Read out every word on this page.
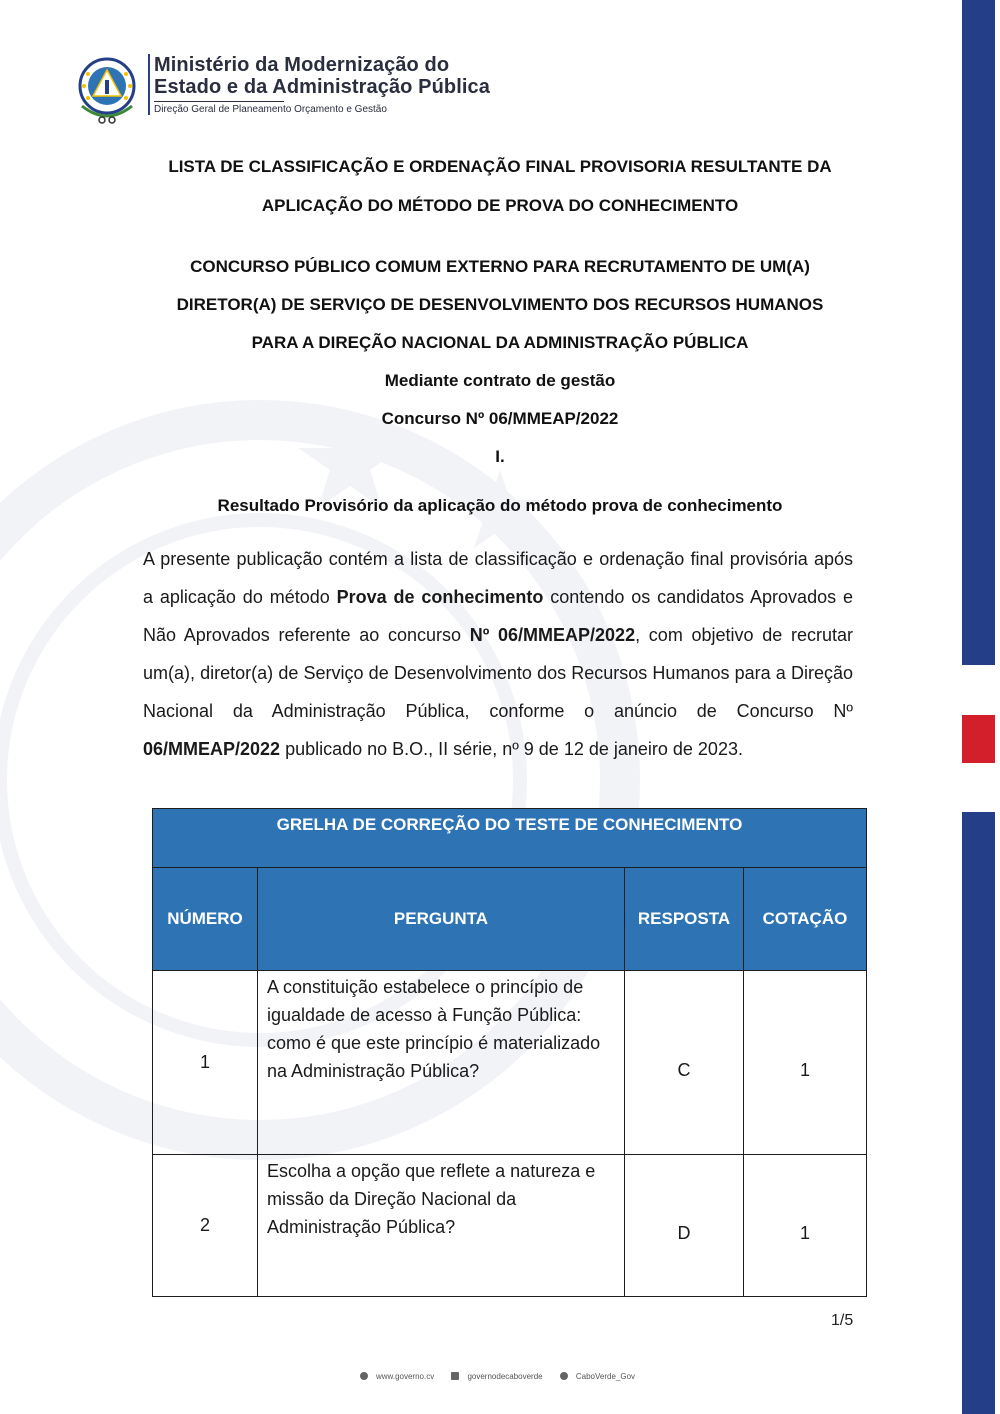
Ministério da Modernização do
Estado e da Administração Pública
Direção Geral de Planeamento Orçamento e Gestão
LISTA DE CLASSIFICAÇÃO E ORDENAÇÃO FINAL PROVISORIA RESULTANTE DA
APLICAÇÃO DO MÉTODO DE PROVA DO CONHECIMENTO
CONCURSO PÚBLICO COMUM EXTERNO PARA RECRUTAMENTO DE UM(A)
DIRETOR(A) DE SERVIÇO DE DESENVOLVIMENTO DOS RECURSOS HUMANOS
PARA A DIREÇÃO NACIONAL DA ADMINISTRAÇÃO PÚBLICA
Mediante contrato de gestão
Concurso Nº 06/MMEAP/2022
I.
Resultado Provisório da aplicação do método prova de conhecimento
A presente publicação contém a lista de classificação e ordenação final provisória após a aplicação do método Prova de conhecimento contendo os candidatos Aprovados e Não Aprovados referente ao concurso Nº 06/MMEAP/2022, com objetivo de recrutar um(a), diretor(a) de Serviço de Desenvolvimento dos Recursos Humanos para a Direção Nacional da Administração Pública, conforme o anúncio de Concurso Nº 06/MMEAP/2022 publicado no B.O., II série, nº 9 de 12 de janeiro de 2023.
GRELHA DE CORREÇÃO DO TESTE DE CONHECIMENTO			
NÚMERO	PERGUNTA	RESPOSTA	COTAÇÃO
1	A constituição estabelece o princípio de igualdade de acesso à Função Pública: como é que este princípio é materializado na Administração Pública?	C	1
2	Escolha a opção que reflete a natureza e missão da Direção Nacional da Administração Pública?	D	1
1/5
www.governo.cv	governodecaboverde	CaboVerde_Gov
